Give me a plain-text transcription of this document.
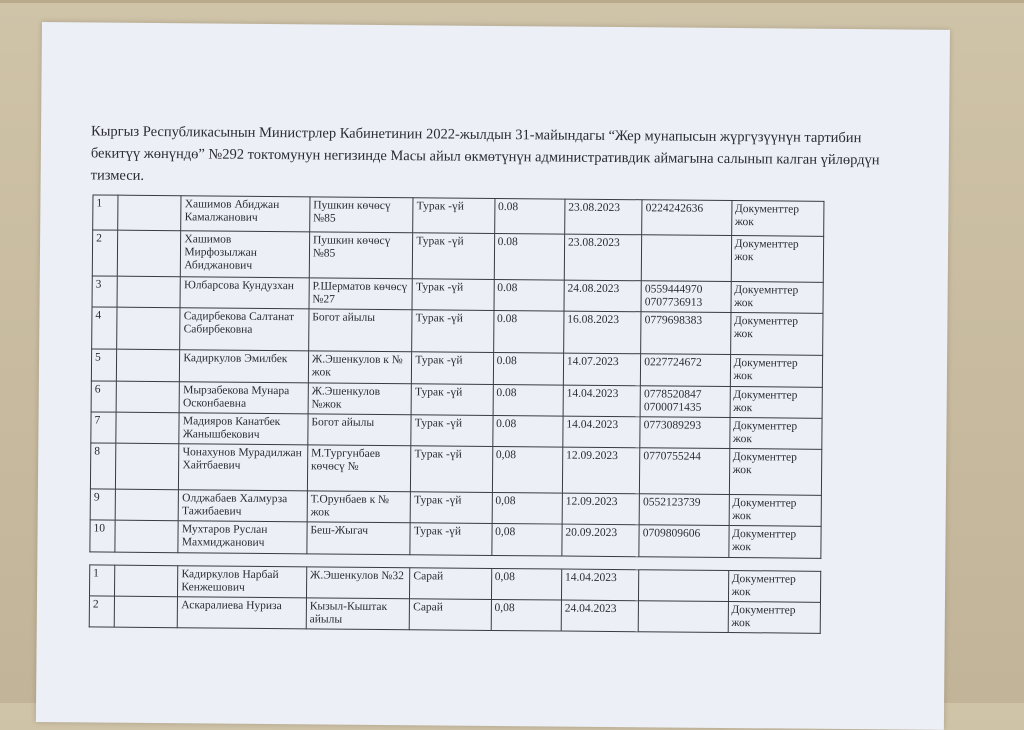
Кыргыз Республикасынын Министрлер Кабинетинин 2022-жылдын 31-майындагы “Жер мунапысын жүргүзүүнүн тартибин бекитүү жөнүндө” №292 токтомунун негизинде Масы айыл өкмөтүнүн административдик аймагына салынып калган үйлөрдүн тизмеси.
1		Хашимов Абиджан Камалжанович	Пушкин көчөсү №85	Турак -үй	0.08	23.08.2023	0224242636	Документтер жок
2		Хашимов Мирфозылжан Абиджанович	Пушкин көчөсү №85	Турак -үй	0.08	23.08.2023		Документтер жок
3		Юлбарсова Кундузхан	Р.Шерматов көчөсү №27	Турак -үй	0.08	24.08.2023	0559444970 0707736913	Докуемнттер жок
4		Садирбекова Салтанат Сабирбековна	Богот айылы	Турак -үй	0.08	16.08.2023	0779698383	Документтер жок
5		Кадиркулов Эмилбек	Ж.Эшенкулов к № жок	Турак -үй	0.08	14.07.2023	0227724672	Документтер жок
6		Мырзабекова Мунара Осконбаевна	Ж.Эшенкулов №жок	Турак -үй	0.08	14.04.2023	0778520847 0700071435	Документтер жок
7		Мадияров Канатбек Жанышбекович	Богот айылы	Турак -үй	0.08	14.04.2023	0773089293	Документтер жок
8		Чонахунов Мурадилжан Хайтбаевич	М.Тургунбаев көчөсү №	Турак -үй	0,08	12.09.2023	0770755244	Документтер жок
9		Олджабаев Халмурза Тажибаевич	Т.Орунбаев к № жок	Турак -үй	0,08	12.09.2023	0552123739	Документтер жок
10		Мухтаров Руслан Махмиджанович	Беш-Жыгач	Турак -үй	0,08	20.09.2023	0709809606	Документтер жок
1		Кадиркулов Нарбай Кенжешович	Ж.Эшенкулов №32	Сарай	0,08	14.04.2023		Документтер жок
2		Аскаралиева Нуриза	Кызыл-Кыштак айылы	Сарай	0,08	24.04.2023		Документтер жок
